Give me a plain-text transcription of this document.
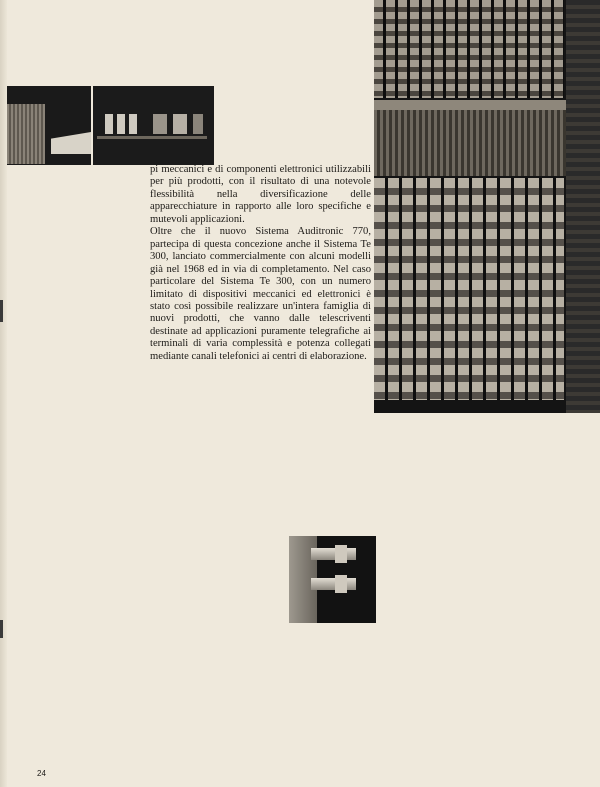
pi meccanici e di componenti elettronici utilizzabili per più prodotti, con il risultato di una notevole flessibilità nella diversificazione delle apparecchiature in rapporto alle loro specifiche e mutevoli applicazioni.

Oltre che il nuovo Sistema Auditronic 770, partecipa di questa concezione anche il Sistema Te 300, lanciato commercialmente con alcuni modelli già nel 1968 ed in via di completamento. Nel caso particolare del Sistema Te 300, con un numero limitato di dispositivi meccanici ed elettronici è stato così possibile realizzare un'intera famiglia di nuovi prodotti, che vanno dalle telescriventi destinate ad applicazioni puramente telegrafiche ai terminali di varia complessità e potenza collegati mediante canali telefonici ai centri di elaborazione.

24
